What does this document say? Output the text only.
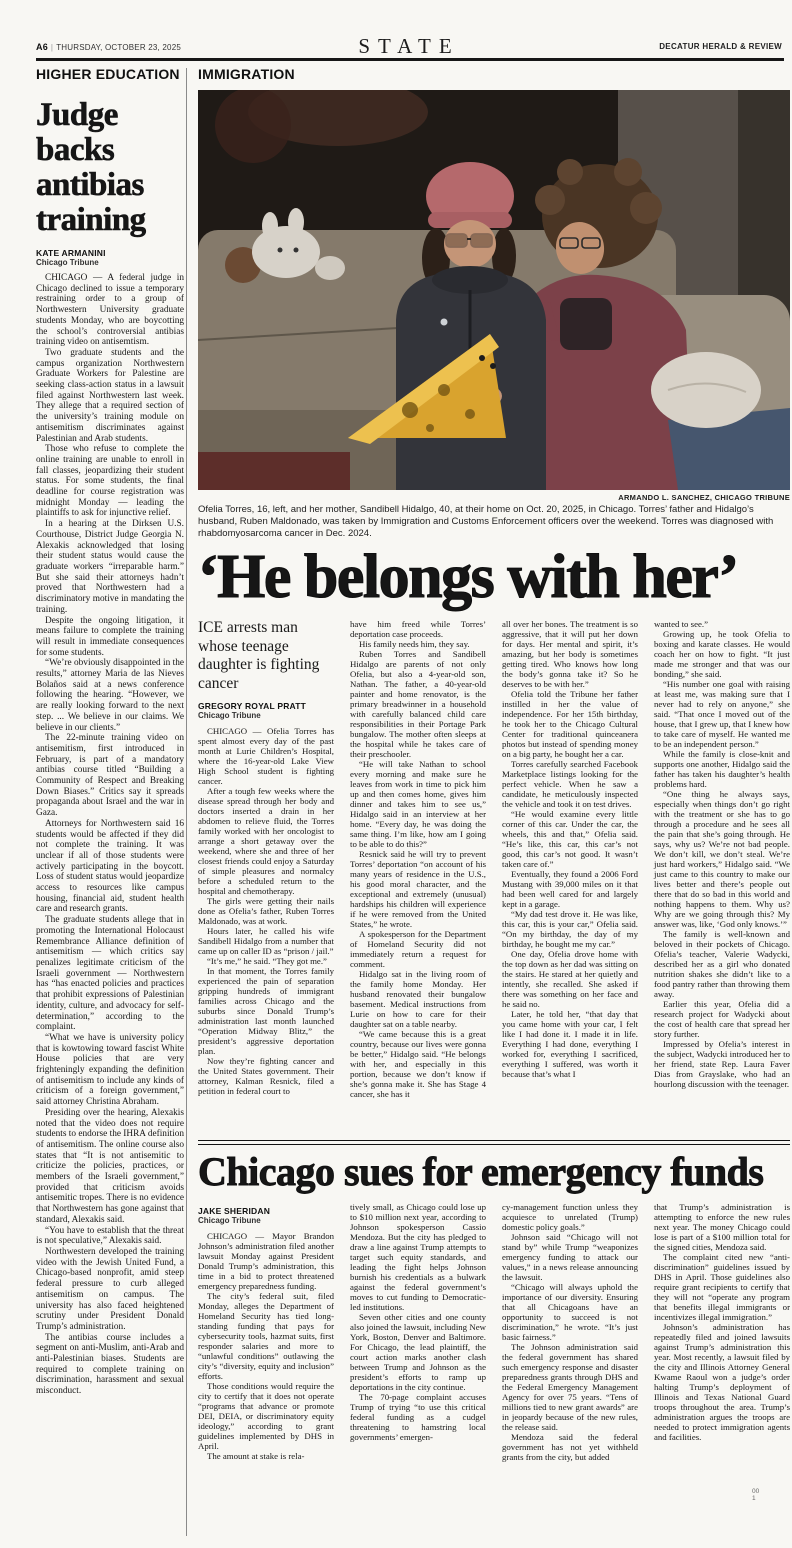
A6 | THURSDAY, OCTOBER 23, 2025	STATE	DECATUR HERALD & REVIEW
HIGHER EDUCATION
Judge backs antibias training
KATE ARMANINI
Chicago Tribune

CHICAGO — A federal judge in Chicago declined to issue a temporary restraining order to a group of Northwestern University graduate students Monday, who are boycotting the school’s controversial antibias training video on antisemtism.

Two graduate students and the campus organization Northwestern Graduate Workers for Palestine are seeking class-action status in a lawsuit filed against Northwestern last week. They allege that a required section of the university’s training module on antisemitism discriminates against Palestinian and Arab students.

Those who refuse to complete the online training are unable to enroll in fall classes, jeopardizing their student status. For some students, the final deadline for course registration was midnight Monday — leading the plaintiffs to ask for injunctive relief.

In a hearing at the Dirksen U.S. Courthouse, District Judge Georgia N. Alexakis acknowledged that losing their student status would cause the graduate workers “irreparable harm.” But she said their attorneys hadn’t proved that Northwestern had a discriminatory motive in mandating the training.

Despite the ongoing litigation, it means failure to complete the training will result in immediate consequences for some students.

“We’re obviously disappointed in the results,” attorney Maria de las Nieves Bolaños said at a news conference following the hearing. “However, we are really looking forward to the next step. ... We believe in our claims. We believe in our clients.”

The 22-minute training video on antisemitism, first introduced in February, is part of a mandatory antibias course titled “Building a Community of Respect and Breaking Down Biases.” Critics say it spreads propaganda about Israel and the war in Gaza.

Attorneys for Northwestern said 16 students would be affected if they did not complete the training. It was unclear if all of those students were actively participating in the boycott. Loss of student status would jeopardize access to resources like campus housing, financial aid, student health care and research grants.

The graduate students allege that in promoting the International Holocaust Remembrance Alliance definition of antisemitism — which critics say penalizes legitimate criticism of the Israeli government — Northwestern has “has enacted policies and practices that prohibit expressions of Palestinian identity, culture, and advocacy for self-determination,” according to the complaint.

“What we have is university policy that is kowtowing toward fascist White House policies that are very frighteningly expanding the definition of antisemitism to include any kinds of criticism of a foreign government,” said attorney Christina Abraham.

Presiding over the hearing, Alexakis noted that the video does not require students to endorse the IHRA definition of antisemitism. The online course also states that “It is not antisemitic to criticize the policies, practices, or members of the Israeli government,” provided that criticism avoids antisemitic tropes. There is no evidence that Northwestern has gone against that standard, Alexakis said.

“You have to establish that the threat is not speculative,” Alexakis said.

Northwestern developed the training video with the Jewish United Fund, a Chicago-based nonprofit, amid steep federal pressure to curb alleged antisemitism on campus. The university has also faced heightened scrutiny under President Donald Trump’s administration.

The antibias course includes a segment on anti-Muslim, anti-Arab and anti-Palestinian biases. Students are required to complete training on discrimination, harassment and sexual misconduct.

IMMIGRATION
ARMANDO L. SANCHEZ, CHICAGO TRIBUNE
Ofelia Torres, 16, left, and her mother, Sandibell Hidalgo, 40, at their home on Oct. 20, 2025, in Chicago. Torres’ father and Hidalgo’s husband, Ruben Maldonado, was taken by Immigration and Customs Enforcement officers over the weekend. Torres was diagnosed with rhabdomyosarcoma cancer in Dec. 2024.
‘He belongs with her’
ICE arrests man whose teenage daughter is fighting cancer
GREGORY ROYAL PRATT
Chicago Tribune

CHICAGO — Ofelia Torres has spent almost every day of the past month at Lurie Children’s Hospital, where the 16-year-old Lake View High School student is fighting cancer.

After a tough few weeks where the disease spread through her body and doctors inserted a drain in her abdomen to relieve fluid, the Torres family worked with her oncologist to arrange a short getaway over the weekend, where she and three of her closest friends could enjoy a Saturday of simple pleasures and normalcy before a scheduled return to the hospital and chemotherapy.

The girls were getting their nails done as Ofelia’s father, Ruben Torres Maldonado, was at work.

Hours later, he called his wife Sandibell Hidalgo from a number that came up on caller ID as “prison / jail.”

“It’s me,” he said. “They got me.”

In that moment, the Torres family experienced the pain of separation gripping hundreds of immigrant families across Chicago and the suburbs since Donald Trump’s administration last month launched “Operation Midway Blitz,” the president’s aggressive deportation plan.

Now they’re fighting cancer and the United States government. Their attorney, Kalman Resnick, filed a petition in federal court to

have him freed while Torres’ deportation case proceeds.

His family needs him, they say.

Ruben Torres and Sandibell Hidalgo are parents of not only Ofelia, but also a 4-year-old son, Nathan. The father, a 40-year-old painter and home renovator, is the primary breadwinner in a household with carefully balanced child care responsibilities in their Portage Park bungalow. The mother often sleeps at the hospital while he takes care of their preschooler.

“He will take Nathan to school every morning and make sure he leaves from work in time to pick him up and then comes home, gives him dinner and takes him to see us,” Hidalgo said in an interview at her home. “Every day, he was doing the same thing. I’m like, how am I going to be able to do this?”

Resnick said he will try to prevent Torres’ deportation “on account of his many years of residence in the U.S., his good moral character, and the exceptional and extremely (unusual) hardships his children will experience if he were removed from the United States,” he wrote.

A spokesperson for the Department of Homeland Security did not immediately return a request for comment.

Hidalgo sat in the living room of the family home Monday. Her husband renovated their bungalow basement. Medical instructions from Lurie on how to care for their daughter sat on a table nearby.

“We came because this is a great country, because our lives were gonna be better,” Hidalgo said. “He belongs with her, and especially in this portion, because we don’t know if she’s gonna make it. She has Stage 4 cancer, she has it

all over her bones. The treatment is so aggressive, that it will put her down for days. Her mental and spirit, it’s amazing, but her body is sometimes getting tired. Who knows how long the body’s gonna take it? So he deserves to be with her.”

Ofelia told the Tribune her father instilled in her the value of independence. For her 15th birthday, he took her to the Chicago Cultural Center for traditional quinceanera photos but instead of spending money on a big party, he bought her a car.

Torres carefully searched Facebook Marketplace listings looking for the perfect vehicle. When he saw a candidate, he meticulously inspected the vehicle and took it on test drives.

“He would examine every little corner of this car. Under the car, the wheels, this and that,” Ofelia said. “He’s like, this car, this car’s not good, this car’s not good. It wasn’t taken care of.”

Eventually, they found a 2006 Ford Mustang with 39,000 miles on it that had been well cared for and largely kept in a garage.

“My dad test drove it. He was like, this car, this is your car,” Ofelia said. “On my birthday, the day of my birthday, he bought me my car.”

One day, Ofelia drove home with the top down as her dad was sitting on the stairs. He stared at her quietly and intently, she recalled. She asked if there was something on her face and he said no.

Later, he told her, “that day that you came home with your car, I felt like I had done it. I made it in life. Everything I had done, everything I worked for, everything I sacrificed, everything I suffered, was worth it because that’s what I

wanted to see.”

Growing up, he took Ofelia to boxing and karate classes. He would coach her on how to fight. “It just made me stronger and that was our bonding,” she said.

“His number one goal with raising at least me, was making sure that I never had to rely on anyone,” she said. “That once I moved out of the house, that I grew up, that I knew how to take care of myself. He wanted me to be an independent person.”

While the family is close-knit and supports one another, Hidalgo said the father has taken his daughter’s health problems hard.

“One thing he always says, especially when things don’t go right with the treatment or she has to go through a procedure and he sees all the pain that she’s going through. He says, why us? We’re not bad people. We don’t kill, we don’t steal. We’re just hard workers,” Hidalgo said. “We just came to this country to make our lives better and there’s people out there that do so bad in this world and nothing happens to them. Why us? Why are we going through this? My answer was, like, ‘God only knows.’”

The family is well-known and beloved in their pockets of Chicago. Ofelia’s teacher, Valerie Wadycki, described her as a girl who donated nutrition shakes she didn’t like to a food pantry rather than throwing them away.

Earlier this year, Ofelia did a research project for Wadycki about the cost of health care that spread her story further.

Impressed by Ofelia’s interest in the subject, Wadycki introduced her to her friend, state Rep. Laura Faver Dias from Grayslake, who had an hourlong discussion with the teenager.

Chicago sues for emergency funds
JAKE SHERIDAN
Chicago Tribune

CHICAGO — Mayor Brandon Johnson’s administration filed another lawsuit Monday against President Donald Trump’s administration, this time in a bid to protect threatened emergency preparedness funding.

The city’s federal suit, filed Monday, alleges the Department of Homeland Security has tied long-standing funding that pays for cybersecurity tools, hazmat suits, first responder salaries and more to “unlawful conditions” outlawing the city’s “diversity, equity and inclusion” efforts.

Those conditions would require the city to certify that it does not operate “programs that advance or promote DEI, DEIA, or discriminatory equity ideology,” according to grant guidelines implemented by DHS in April.

The amount at stake is rela-

tively small, as Chicago could lose up to $10 million next year, according to Johnson spokesperson Cassio Mendoza. But the city has pledged to draw a line against Trump attempts to target such equity standards, and leading the fight helps Johnson burnish his credentials as a bulwark against the federal government’s moves to cut funding to Democratic-led institutions.

Seven other cities and one county also joined the lawsuit, including New York, Boston, Denver and Baltimore. For Chicago, the lead plaintiff, the court action marks another clash between Trump and Johnson as the president’s efforts to ramp up deportations in the city continue.

The 70-page complaint accuses Trump of trying “to use this critical federal funding as a cudgel threatening to hamstring local governments’ emergen-

cy-management function unless they acquiesce to unrelated (Trump) domestic policy goals.”

Johnson said “Chicago will not stand by” while Trump “weaponizes emergency funding to attack our values,” in a news release announcing the lawsuit.

“Chicago will always uphold the importance of our diversity. Ensuring that all Chicagoans have an opportunity to succeed is not discrimination,” he wrote. “It’s just basic fairness.”

The Johnson administration said the federal government has shared such emergency response and disaster preparedness grants through DHS and the Federal Emergency Management Agency for over 75 years. “Tens of millions tied to new grant awards” are in jeopardy because of the new rules, the release said.

Mendoza said the federal government has not yet withheld grants from the city, but added

that Trump’s administration is attempting to enforce the new rules next year. The money Chicago could lose is part of a $100 million total for the signed cities, Mendoza said.

The complaint cited new “anti-discrimination” guidelines issued by DHS in April. Those guidelines also require grant recipients to certify that they will not “operate any program that benefits illegal immigrants or incentivizes illegal immigration.”

Johnson’s administration has repeatedly filed and joined lawsuits against Trump’s administration this year. Most recently, a lawsuit filed by the city and Illinois Attorney General Kwame Raoul won a judge’s order halting Trump’s deployment of Illinois and Texas National Guard troops throughout the area. Trump’s administration argues the troops are needed to protect immigration agents and facilities.

00 1
